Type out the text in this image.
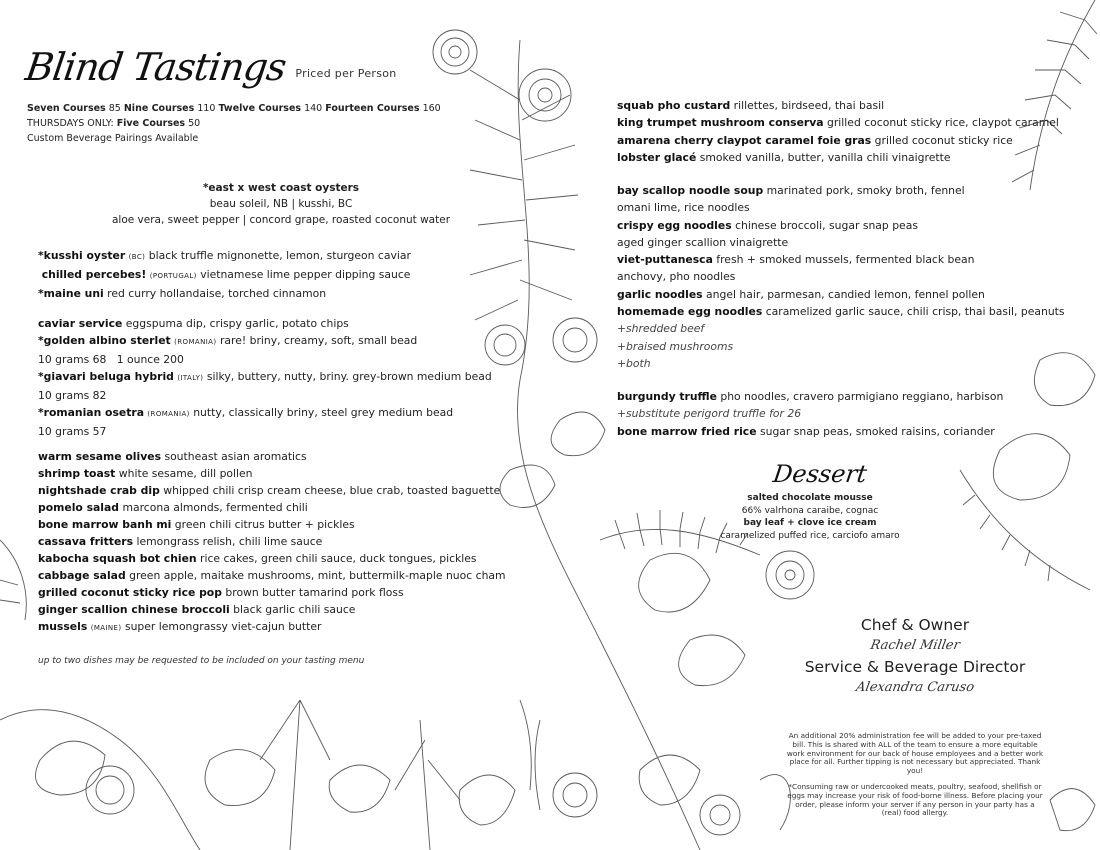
Blind Tastings Priced per Person
Seven Courses 85 Nine Courses 110 Twelve Courses 140 Fourteen Courses 160
THURSDAYS ONLY: Five Courses 50
Custom Beverage Pairings Available
*east x west coast oysters
beau soleil, NB | kusshi, BC
aloe vera, sweet pepper | concord grape, roasted coconut water
*kusshi oyster (BC) black truffle mignonette, lemon, sturgeon caviar
chilled percebes! (PORTUGAL) vietnamese lime pepper dipping sauce
*maine uni red curry hollandaise, torched cinnamon
caviar service eggspuma dip, crispy garlic, potato chips
*golden albino sterlet (ROMANIA) rare! briny, creamy, soft, small bead
10 grams 68   1 ounce 200
*giavari beluga hybrid (ITALY) silky, buttery, nutty, briny. grey-brown medium bead
10 grams 82
*romanian osetra (ROMANIA) nutty, classically briny, steel grey medium bead
10 grams 57
warm sesame olives southeast asian aromatics
shrimp toast white sesame, dill pollen
nightshade crab dip whipped chili crisp cream cheese, blue crab, toasted baguette
pomelo salad marcona almonds, fermented chili
bone marrow banh mi green chili citrus butter + pickles
cassava fritters lemongrass relish, chili lime sauce
kabocha squash bot chien rice cakes, green chili sauce, duck tongues, pickles
cabbage salad green apple, maitake mushrooms, mint, buttermilk-maple nuoc cham
grilled coconut sticky rice pop brown butter tamarind pork floss
ginger scallion chinese broccoli black garlic chili sauce
mussels (MAINE) super lemongrassy viet-cajun butter
up to two dishes may be requested to be included on your tasting menu
squab pho custard rillettes, birdseed, thai basil
king trumpet mushroom conserva grilled coconut sticky rice, claypot caramel
amarena cherry claypot caramel foie gras grilled coconut sticky rice
lobster glacé smoked vanilla, butter, vanilla chili vinaigrette
bay scallop noodle soup marinated pork, smoky broth, fennel
omani lime, rice noodles
crispy egg noodles chinese broccoli, sugar snap peas
aged ginger scallion vinaigrette
viet-puttanesca fresh + smoked mussels, fermented black bean
anchovy, pho noodles
garlic noodles angel hair, parmesan, candied lemon, fennel pollen
homemade egg noodles caramelized garlic sauce, chili crisp, thai basil, peanuts
+shredded beef
+braised mushrooms
+both
burgundy truffle pho noodles, cravero parmigiano reggiano, harbison
+substitute perigord truffle for 26
bone marrow fried rice sugar snap peas, smoked raisins, coriander
Dessert
salted chocolate mousse
66% valrhona caraibe, cognac
bay leaf + clove ice cream
caramelized puffed rice, carciofo amaro
Chef & Owner
Rachel Miller
Service & Beverage Director
Alexandra Caruso

An additional 20% administration fee will be added to your pre-taxed bill. This is shared with ALL of the team to ensure a more equitable work environment for our back of house employees and a better work place for all. Further tipping is not necessary but appreciated. Thank you!

*Consuming raw or undercooked meats, poultry, seafood, shellfish or eggs may increase your risk of food-borne illness. Before placing your order, please inform your server if any person in your party has a (real) food allergy.
